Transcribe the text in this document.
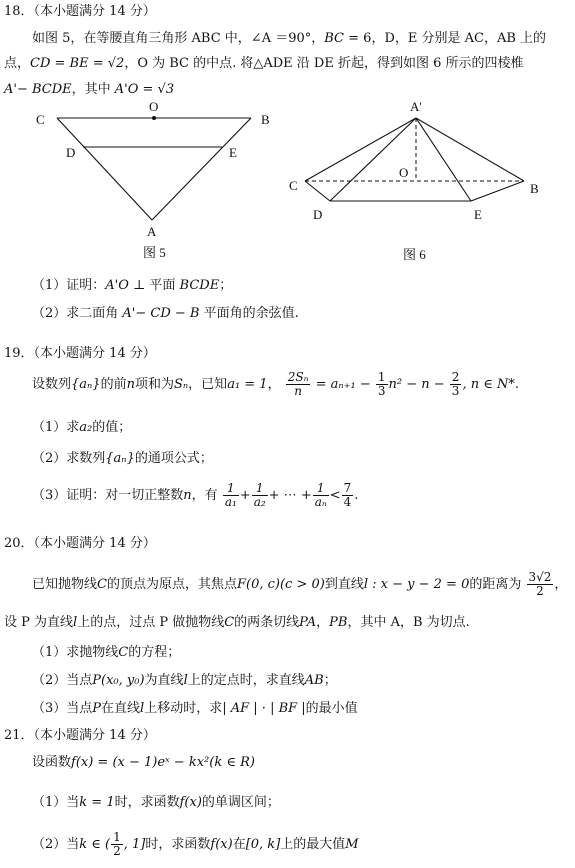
18．（本小题满分 14 分）
如图 5，在等腰直角三角形 ABC 中，∠A ＝90°，BC = 6，D，E 分别是 AC，AB 上的
点，CD = BE = √2，O 为 BC 的中点. 将△ADE 沿 DE 折起，得到如图 6 所示的四棱椎
A'− BCDE，其中 A'O = √3
C	B
O
D	E
A
图 5
A'
O
C	B
D	E
图 6
（1）证明：A'O ⊥ 平面 BCDE；
（2）求二面角 A'− CD − B 平面角的余弦值.
19．（本小题满分 14 分）
设数列{aₙ}的前n项和为Sₙ，已知a₁ = 1， $\frac{\text{2Sₙ}}{n} = a_{n+1} - \frac{1}{3} n^2 - n - \frac{2}{3}$ , n ∈ N*.
（1）求a₂的值；
（2）求数列{aₙ}的通项公式；
（3）证明：对一切正整数n，有 $\frac{1}{\text{a₁}} + \frac{1}{\text{a₂}}$ + ⋯ + $\frac{1}{\text{aₙ}} < \frac{7}{4}$ .
20．（本小题满分 14 分）
已知抛物线C的顶点为原点，其焦点F(0, c)(c > 0)到直线l : x − y − 2 = 0的距离为 $\frac{3√2}{2}$ ，
设 P 为直线l上的点，过点 P 做抛物线C的两条切线PA，PB，其中 A，B 为切点.
（1）求抛物线C的方程；
（2）当点P(x₀, y₀)为直线l上的定点时，求直线AB；
（3）当点P在直线l上移动时，求| AF | · | BF |的最小值
21．（本小题满分 14 分）
设函数f(x) = (x − 1)eˣ − kx²(k ∈ R)
（1）当k = 1时，求函数f(x)的单调区间；
（2）当k ∈ ( $\frac{1}{2}$ , 1]时，求函数f(x)在[0, k]上的最大值M
